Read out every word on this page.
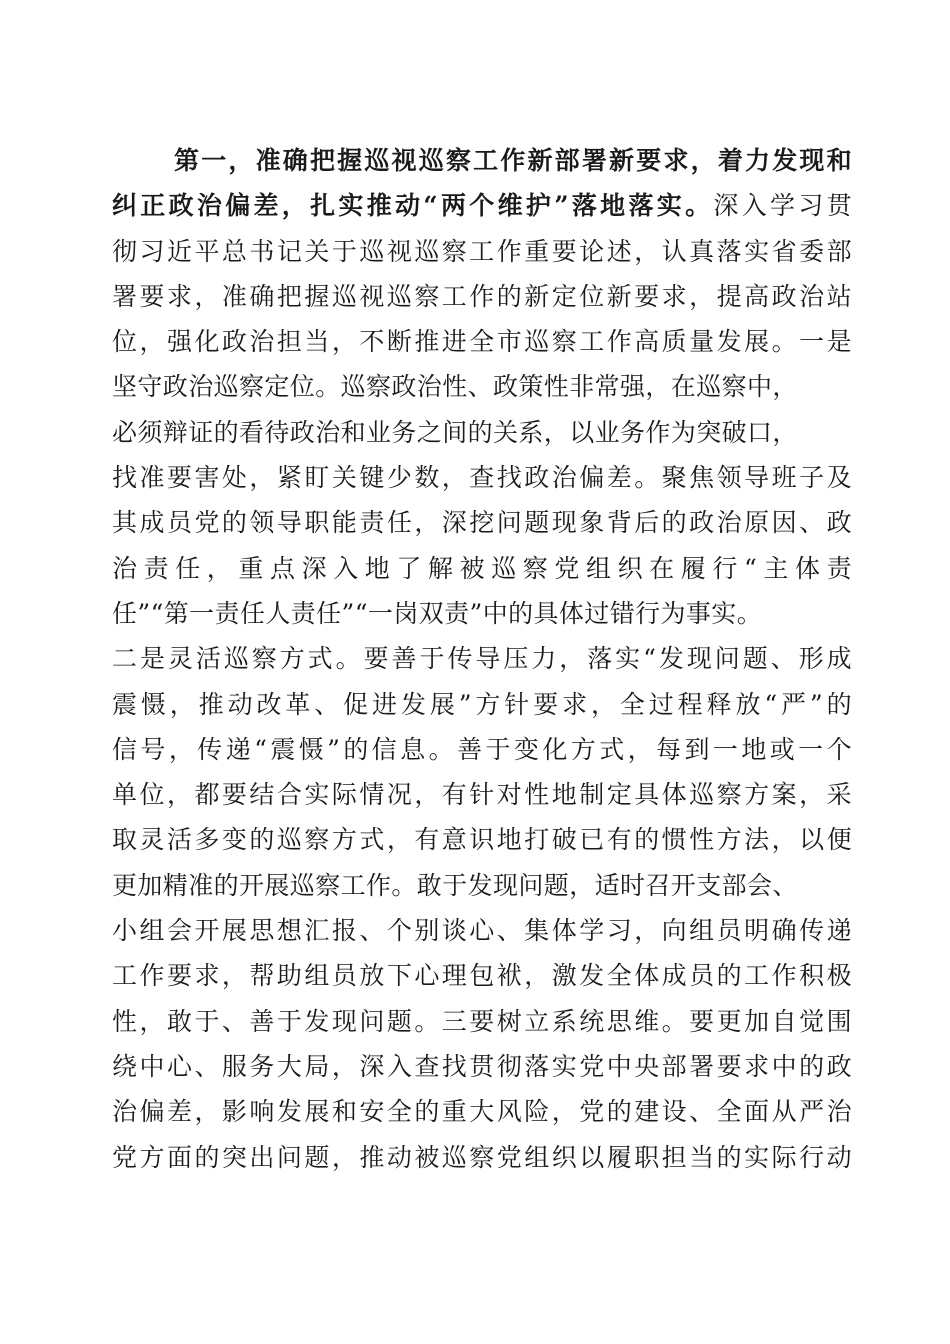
第一，准确把握巡视巡察工作新部署新要求，着力发现和
纠正政治偏差，扎实推动“两个维护”落地落实。深入学习贯
彻习近平总书记关于巡视巡察工作重要论述，认真落实省委部
署要求，准确把握巡视巡察工作的新定位新要求，提高政治站
位，强化政治担当，不断推进全市巡察工作高质量发展。一是
坚守政治巡察定位。巡察政治性、政策性非常强，在巡察中，
必须辩证的看待政治和业务之间的关系，以业务作为突破口，
找准要害处，紧盯关键少数，查找政治偏差。聚焦领导班子及
其成员党的领导职能责任，深挖问题现象背后的政治原因、政
治责任，重点深入地了解被巡察党组织在履行“主体责
任”“第一责任人责任”“一岗双责”中的具体过错行为事实。
二是灵活巡察方式。要善于传导压力，落实“发现问题、形成
震慑，推动改革、促进发展”方针要求，全过程释放“严”的
信号，传递“震慑”的信息。善于变化方式，每到一地或一个
单位，都要结合实际情况，有针对性地制定具体巡察方案，采
取灵活多变的巡察方式，有意识地打破已有的惯性方法，以便
更加精准的开展巡察工作。敢于发现问题，适时召开支部会、
小组会开展思想汇报、个别谈心、集体学习，向组员明确传递
工作要求，帮助组员放下心理包袱，激发全体成员的工作积极
性，敢于、善于发现问题。三要树立系统思维。要更加自觉围
绕中心、服务大局，深入查找贯彻落实党中央部署要求中的政
治偏差，影响发展和安全的重大风险，党的建设、全面从严治
党方面的突出问题，推动被巡察党组织以履职担当的实际行动
